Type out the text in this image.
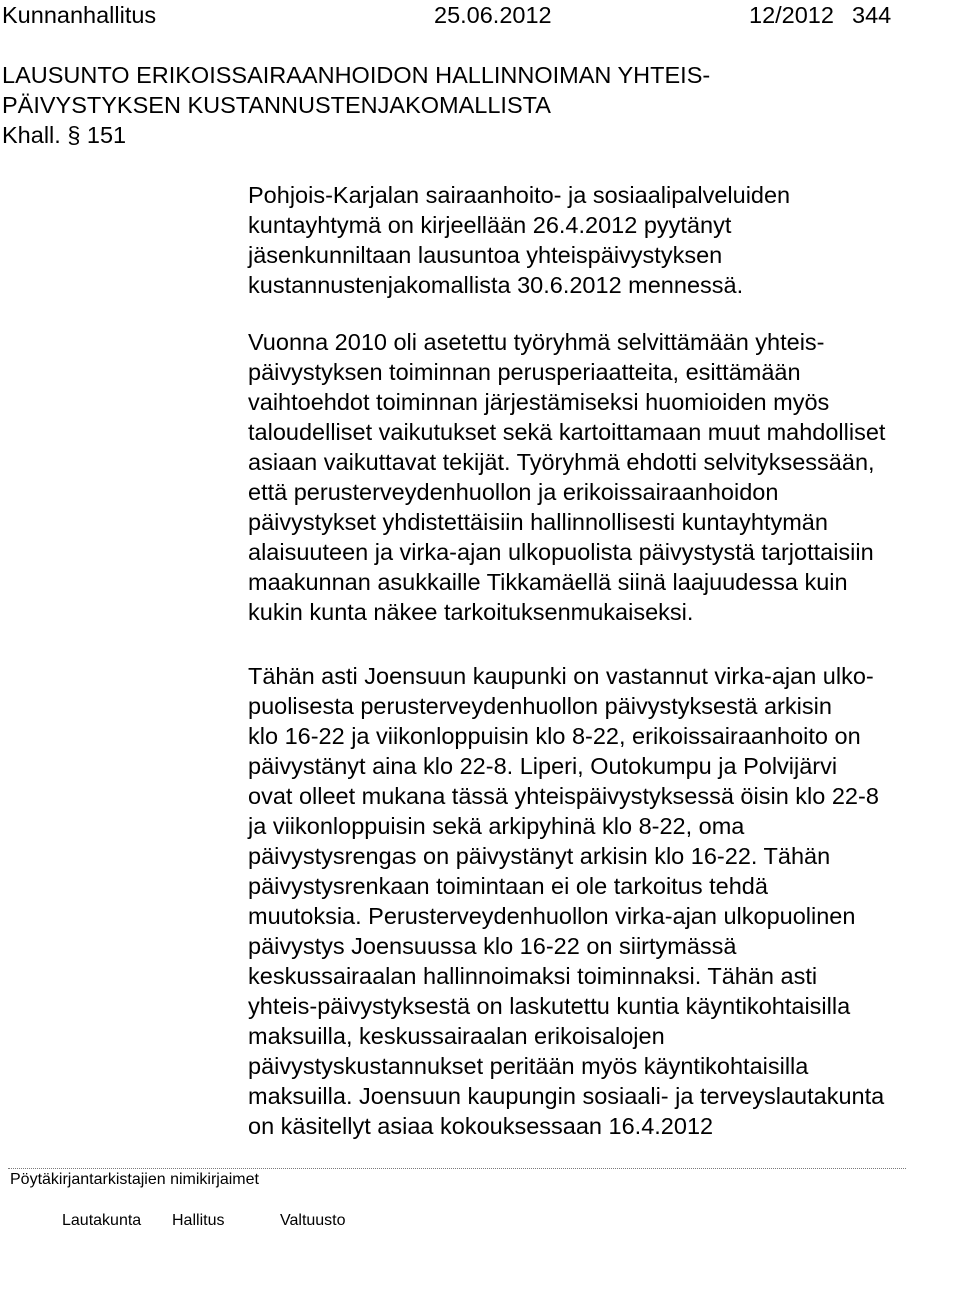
Kunnanhallitus	25.06.2012	12/2012 344
LAUSUNTO ERIKOISSAIRAANHOIDON HALLINNOIMAN YHTEIS-
PÄIVYSTYKSEN KUSTANNUSTENJAKOMALLISTA
Khall. § 151
Pohjois-Karjalan sairaanhoito- ja sosiaalipalveluiden
kuntayhtymä on kirjeellään 26.4.2012 pyytänyt
jäsenkunniltaan lausuntoa yhteispäivystyksen
kustannustenjakomallista 30.6.2012 mennessä.
Vuonna 2010 oli asetettu työryhmä selvittämään yhteis-
päivystyksen toiminnan perusperiaatteita, esittämään
vaihtoehdot toiminnan järjestämiseksi huomioiden myös
taloudelliset vaikutukset sekä kartoittamaan muut mahdolliset
asiaan vaikuttavat tekijät. Työryhmä ehdotti selvityksessään,
että perusterveydenhuollon ja erikoissairaanhoidon
päivystykset yhdistettäisiin hallinnollisesti kuntayhtymän
alaisuuteen ja virka-ajan ulkopuolista päivystystä tarjottaisiin
maakunnan asukkaille Tikkamäellä siinä laajuudessa kuin
kukin kunta näkee tarkoituksenmukaiseksi.
Tähän asti Joensuun kaupunki on vastannut virka-ajan ulko-
puolisesta perusterveydenhuollon päivystyksestä arkisin
klo 16-22 ja viikonloppuisin klo 8-22, erikoissairaanhoito on
päivystänyt aina klo 22-8. Liperi, Outokumpu ja Polvijärvi
ovat olleet mukana tässä yhteispäivystyksessä öisin klo 22-8
ja viikonloppuisin sekä arkipyhinä klo 8-22, oma
päivystysrengas on päivystänyt arkisin klo 16-22. Tähän
päivystysrenkaan toimintaan ei ole tarkoitus tehdä
muutoksia. Perusterveydenhuollon virka-ajan ulkopuolinen
päivystys Joensuussa klo 16-22 on siirtymässä
keskussairaalan hallinnoimaksi toiminnaksi. Tähän asti
yhteis-päivystyksestä on laskutettu kuntia käyntikohtaisilla
maksuilla, keskussairaalan erikoisalojen
päivystyskustannukset peritään myös käyntikohtaisilla
maksuilla. Joensuun kaupungin sosiaali- ja terveyslautakunta
on käsitellyt asiaa kokouksessaan 16.4.2012
Pöytäkirjantarkistajien nimikirjaimet
Lautakunta Hallitus	Valtuusto
